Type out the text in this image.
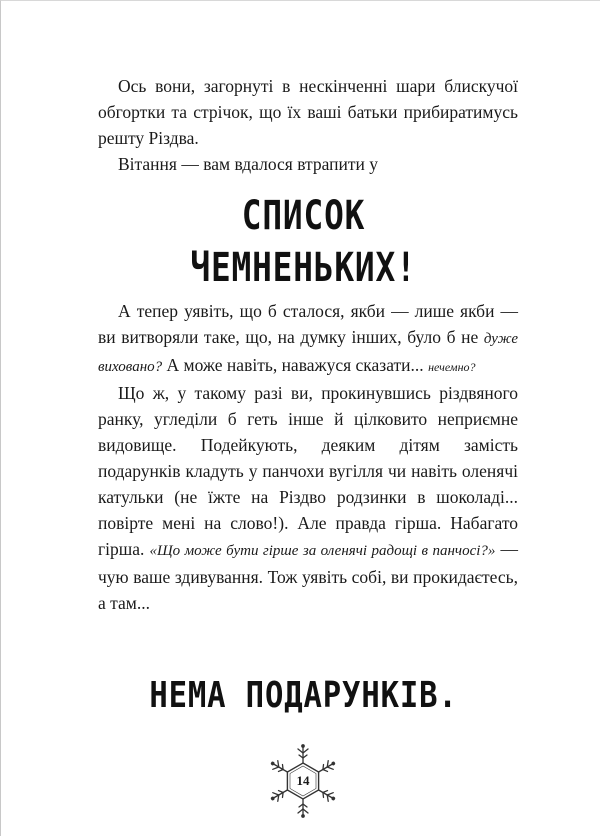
Ось вони, загорнуті в нескінченні шари блискучої обгортки та стрічок, що їх ваші батьки прибиратимусь решту Різдва.

Вітання — вам вдалося втрапити у

СПИСОК
ЧЕМНЕНЬКИХ!

А тепер уявіть, що б сталося, якби — лише якби — ви витворяли таке, що, на думку інших, було б не дуже виховано? А може навіть, наважуся сказати... нечемно?

Що ж, у такому разі ви, прокинувшись різдвяного ранку, угледіли б геть інше й цілковито неприємне видовище. Подейкують, деяким дітям замість подарунків кладуть у панчохи вугілля чи навіть оленячі катульки (не їжте на Різдво родзинки в шоколаді... повірте мені на слово!). Але правда гірша. Набагато гірша. «Що може бути гірше за оленячі радощі в панчосі?» — чую ваше здивування. Тож уявіть собі, ви прокидаєтесь, а там...

НЕМА ПОДАРУНКІВ.
14
